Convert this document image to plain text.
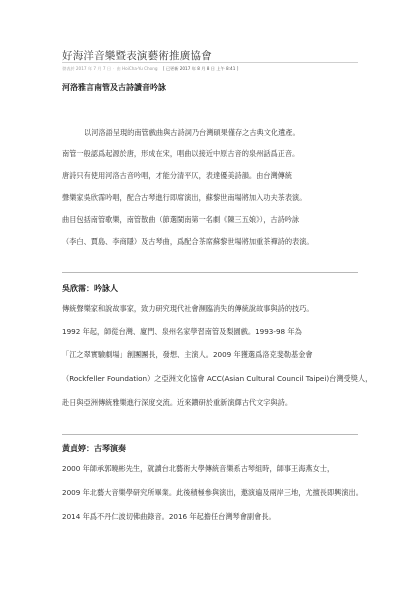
好海洋音樂暨表演藝術推廣協會
發表於 2017 年 7 月 7 日 · 由 HoiCha-Yu Chong [ 已更新 2017 年 8 月 8 日 上午 8:41 ]
河洛雅言南管及古詩讀音吟詠
以河洛語呈現的南管戲曲與古詩詞乃台灣碩果僅存之古典文化遺產。
南管一般認爲起源於唐，形成在宋，唱曲以接近中原古音的泉州話爲正音。
唐詩只有使用河洛古音吟唱，才能分清平仄，表達優美詩韻。由台灣傳統
聲樂家吳欣霈吟唱，配合古琴進行即席演出，蘇黎世南場將加入功夫茶表演。
曲目包括南管歌樂，南管散曲（節選閩南第一名劇《陳三五娘》），古詩吟詠
（李白、賈島、李商隱）及古琴曲，爲配合茶席蘇黎世場將加重茶禪詩的表演。
吳欣霈：吟詠人
傳統聲樂家和說故事家，致力研究現代社會瀕臨消失的傳統說故事與詩的技巧。
1992 年起，師從台灣、廈門、泉州名家學習南管及梨園戲。1993-98 年為
「江之翠實驗劇場」創團團長，發想、主演人。2009 年獲選爲洛克斐勒基金會
（Rockfeller Foundation）之亞洲文化協會 ACC(Asian Cultural Council Taipei)台灣受獎人，
赴日與亞洲傳統雅樂進行深度交流。近來鑽研於重新演繹古代文字與詩。
黃貞婷：古琴演奏
2000 年師承郭曉彬先生，就讀台北藝術大學傳統音樂系古琴組時，師事王海燕女士，
2009 年北藝大音樂學研究所畢業。此後積極參與演出，邀演遍及兩岸三地，尤擅長即興演出。
2014 年爲不丹仁波切佛曲錄音。2016 年起擔任台灣琴會副會長。
